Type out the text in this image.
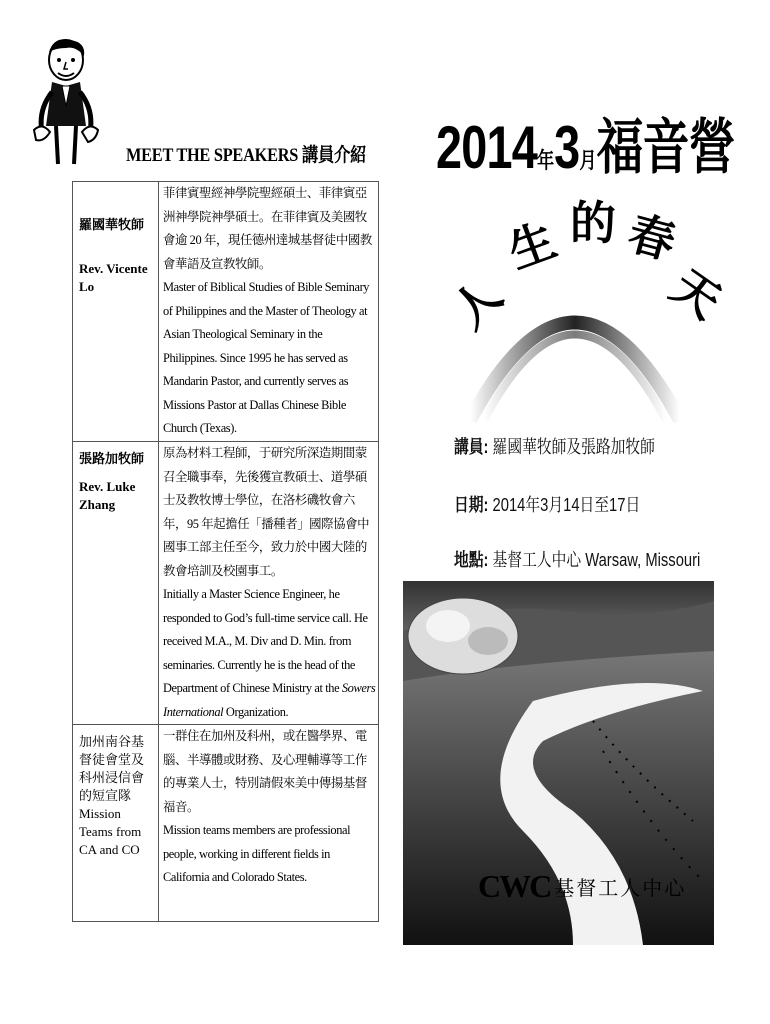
MEET THE SPEAKERS 講員介紹
羅國華牧師
Rev. Vicente Lo	菲律賓聖經神學院聖經碩士、菲律賓亞洲神學院神學碩士。在菲律賓及美國牧會逾 20 年，現任德州達城基督徒中國教會華語及宣教牧師。
Master of Biblical Studies of Bible Seminary of Philippines and the Master of Theology at Asian Theological Seminary in the Philippines. Since 1995 he has served as Mandarin Pastor, and currently serves as Missions Pastor at Dallas Chinese Bible Church (Texas).

張路加牧師
Rev. Luke Zhang	原為材料工程師，于研究所深造期間蒙召全職事奉，先後獲宣教碩士、道學碩士及教牧博士學位，在洛杉磯牧會六年，95 年起擔任「播種者」國際協會中國事工部主任至今，致力於中國大陸的教會培訓及校園事工。
Initially a Master Science Engineer, he responded to God’s full-time service call. He received M.A., M. Div and D. Min. from seminaries. Currently he is the head of the Department of Chinese Ministry at the Sowers International Organization.

加州南谷基督徒會堂及科州浸信會的短宣隊
Mission Teams from CA and CO	一群住在加州及科州，或在醫學界、電腦、半導體或財務、及心理輔導等工作的專業人士，特別請假來美中傳揚基督福音。
Mission teams members are professional people, working in different fields in California and Colorado States.
2014年3月福音營
人
生 的 春
天
講員: 羅國華牧師及張路加牧師
日期: 2014年3月14日至17日
地點: 基督工人中心 Warsaw, Missouri
CWC 基督工人中心
